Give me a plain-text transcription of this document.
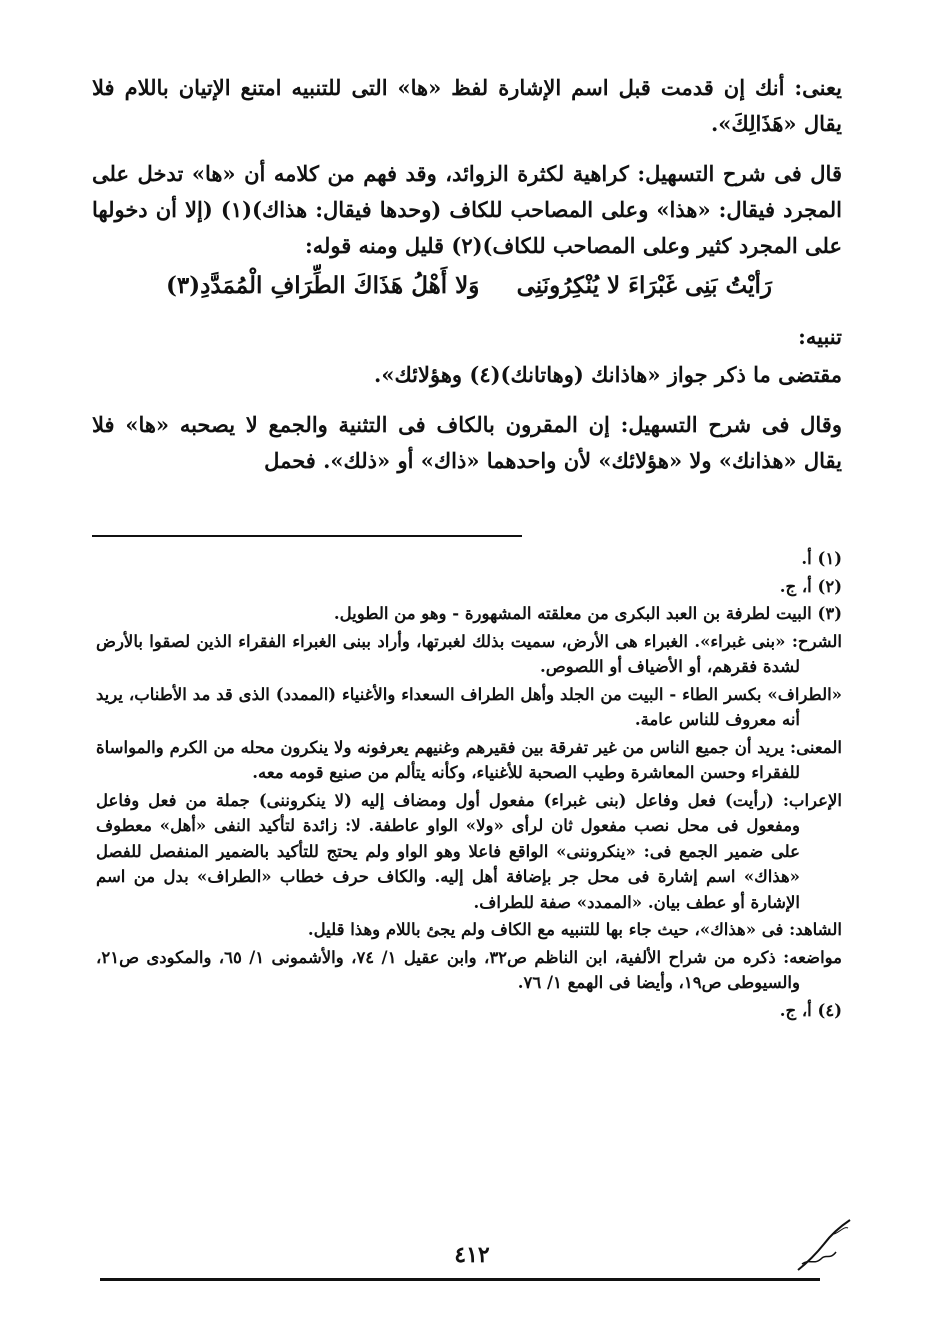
يعنى: أنك إن قدمت قبل اسم الإشارة لفظ «ها» التى للتنبيه امتنع الإتيان باللام فلا يقال «هَذَالِكَ».

قال فى شرح التسهيل: كراهية لكثرة الزوائد، وقد فهم من كلامه أن «ها» تدخل على المجرد فيقال: «هذا» وعلى المصاحب للكاف (وحدها فيقال: هذاك)(١) (إلا أن دخولها على المجرد كثير وعلى المصاحب للكاف)(٢) قليل ومنه قوله:

رَأيْتُ بَنِى غَبْرَاءَ لا يُنْكِرُونَنِى
وَلا أَهْلُ هَذَاكَ الطِّرَافِ الْمُمَدَّدِ(٣)
تنبيه:

مقتضى ما ذكر جواز «هاذانك (وهاتانك)(٤) وهؤلائك».

وقال فى شرح التسهيل: إن المقرون بالكاف فى التثنية والجمع لا يصحبه «ها» فلا يقال «هذانك» ولا «هؤلائك» لأن واحدهما «ذاك» أو «ذلك». فحمل

(١) أ.

(٢) أ، ج.

(٣) البيت لطرفة بن العبد البكرى من معلقته المشهورة - وهو من الطويل.

الشرح: «بنى غبراء». الغبراء هى الأرض، سميت بذلك لغبرتها، وأراد ببنى الغبراء الفقراء الذين لصقوا بالأرض لشدة فقرهم، أو الأضياف أو اللصوص.

«الطراف» بكسر الطاء - البيت من الجلد وأهل الطراف السعداء والأغنياء (الممدد) الذى قد مد الأطناب، يريد أنه معروف للناس عامة.

المعنى: يريد أن جميع الناس من غير تفرقة بين فقيرهم وغنيهم يعرفونه ولا ينكرون محله من الكرم والمواساة للفقراء وحسن المعاشرة وطيب الصحبة للأغنياء، وكأنه يتألم من صنيع قومه معه.

الإعراب: (رأيت) فعل وفاعل (بنى غبراء) مفعول أول ومضاف إليه (لا ينكروننى) جملة من فعل وفاعل ومفعول فى محل نصب مفعول ثان لرأى «ولا» الواو عاطفة. لا: زائدة لتأكيد النفى «أهل» معطوف على ضمير الجمع فى: «ينكروننى» الواقع فاعلا وهو الواو ولم يحتج للتأكيد بالضمير المنفصل للفصل «هذاك» اسم إشارة فى محل جر بإضافة أهل إليه. والكاف حرف خطاب «الطراف» بدل من اسم الإشارة أو عطف بيان. «الممدد» صفة للطراف.

الشاهد: فى «هذاك»، حيث جاء بها للتنبيه مع الكاف ولم يجئ باللام وهذا قليل.

مواضعه: ذكره من شراح الألفية، ابن الناظم ص٣٢، وابن عقيل ١/ ٧٤، والأشمونى ١/ ٦٥، والمكودى ص٢١، والسيوطى ص١٩، وأيضا فى الهمع ١/ ٧٦.

(٤) أ، ج.

٤١٢
